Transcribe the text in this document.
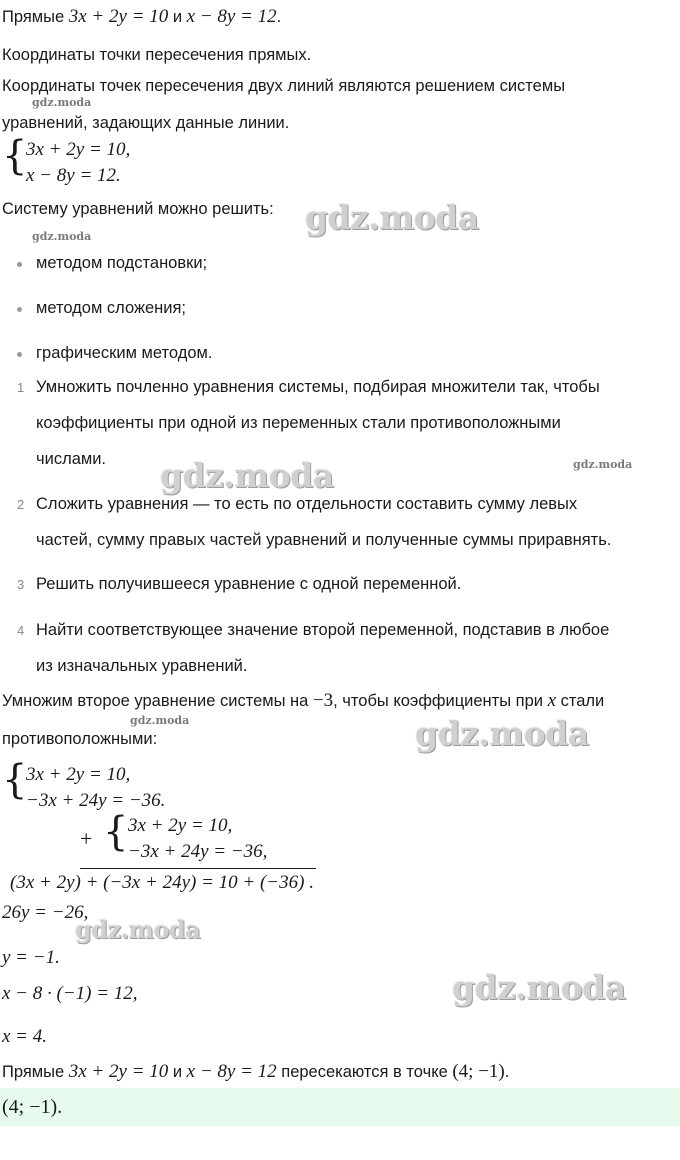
Прямые 3x + 2y = 10 и x − 8y = 12.
Координаты точки пересечения прямых.
Координаты точек пересечения двух линий являются решением системы
gdz.moda
уравнений, задающих данные линии.
{
3x + 2y = 10,
x − 8y = 12.
Систему уравнений можно решить: gdz.moda
gdz.moda
методом подстановки;
методом сложения;
графическим методом.
1 Умножить почленно уравнения системы, подбирая множители так, чтобы
коэффициенты при одной из переменных стали противоположными
числами. gdz.moda	gdz.moda
2 Сложить уравнения — то есть по отдельности составить сумму левых
частей, сумму правых частей уравнений и полученные суммы приравнять.
3 Решить получившееся уравнение с одной переменной.
4 Найти соответствующее значение второй переменной, подставив в любое
из изначальных уравнений.
Умножим второе уравнение системы на −3, чтобы коэффициенты при x стали
gdz.moda
противоположными:	gdz.moda
{
3x + 2y = 10,
−3x + 24y = −36.
+ { 3x + 2y = 10,
−3x + 24y = −36,
(3x + 2y) + (−3x + 24y) = 10 + (−36) .
26y = −26,
gdz.moda
y = −1.
x − 8 · (−1) = 12,	gdz.moda
x = 4.
Прямые 3x + 2y = 10 и x − 8y = 12 пересекаются в точке (4; −1).
(4; −1).
